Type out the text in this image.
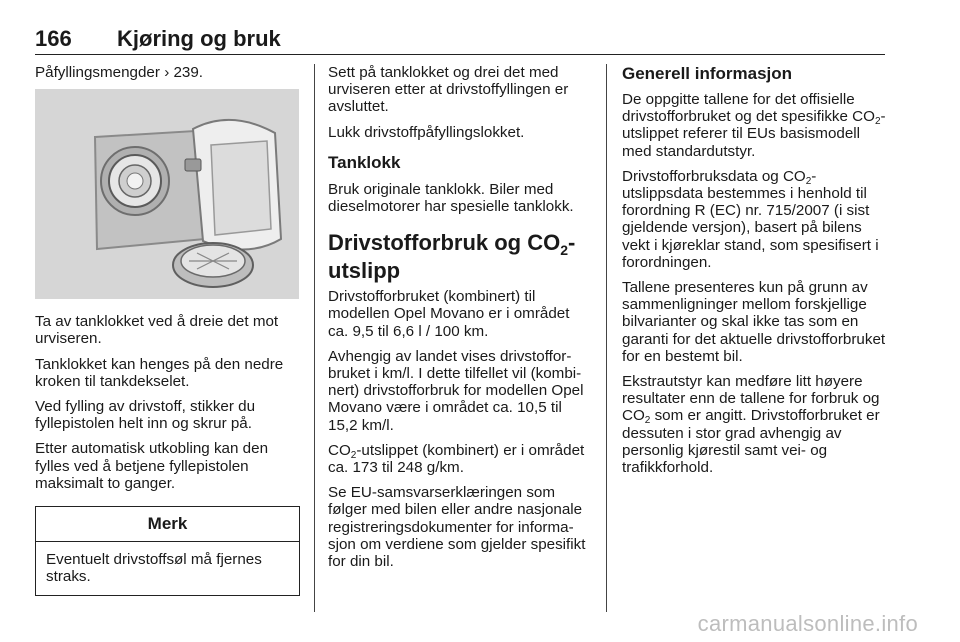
166 Kjøring og bruk

Påfyllingsmengder › 239.

Ta av tanklokket ved å dreie det mot urviseren.

Tanklokket kan henges på den nedre kroken til tankdekselet.

Ved fylling av drivstoff, stikker du fyllepistolen helt inn og skrur på.

Etter automatisk utkobling kan den fylles ved å betjene fyllepistolen maksimalt to ganger.

Merk
Eventuelt drivstoffsøl må fjernes straks.

Sett på tanklokket og drei det med urviseren etter at drivstoffyllingen er avsluttet.

Lukk drivstoffpåfyllingslokket.

Tanklokk

Bruk originale tanklokk. Biler med dieselmotorer har spesielle tanklokk.

Drivstofforbruk og $CO_2$-utslipp

Drivstofforbruket (kombinert) til modellen Opel Movano er i området ca. 9,5 til 6,6 l / 100 km.

Avhengig av landet vises drivstofforbruket i km/l. I dette tilfellet vil (kombinert) drivstofforbruk for modellen Opel Movano være i området ca. 10,5 til 15,2 km/l.

$CO_2$-utslippet (kombinert) er i området ca. 173 til 248 g/km.

Se EU-samsvarserklæringen som følger med bilen eller andre nasjonale registreringsdokumenter for informasjon om verdiene som gjelder spesifikt for din bil.

Generell informasjon

De oppgitte tallene for det offisielle drivstofforbruket og det spesifikke $CO_2$-utslippet referer til EUs basismodell med standardutstyr.

Drivstofforbruksdata og $CO_2$-utslippsdata bestemmes i henhold til forordning R (EC) nr. 715/2007 (i sist gjeldende versjon), basert på bilens vekt i kjøreklar stand, som spesifisert i forordningen.

Tallene presenteres kun på grunn av sammenligninger mellom forskjellige bilvarianter og skal ikke tas som en garanti for det aktuelle drivstofforbruket for en bestemt bil.

Ekstrautstyr kan medføre litt høyere resultater enn de tallene for forbruk og $CO_2$ som er angitt. Drivstofforbruket er dessuten i stor grad avhengig av personlig kjørestil samt vei- og trafikkforhold.

carmanualsonline.info
